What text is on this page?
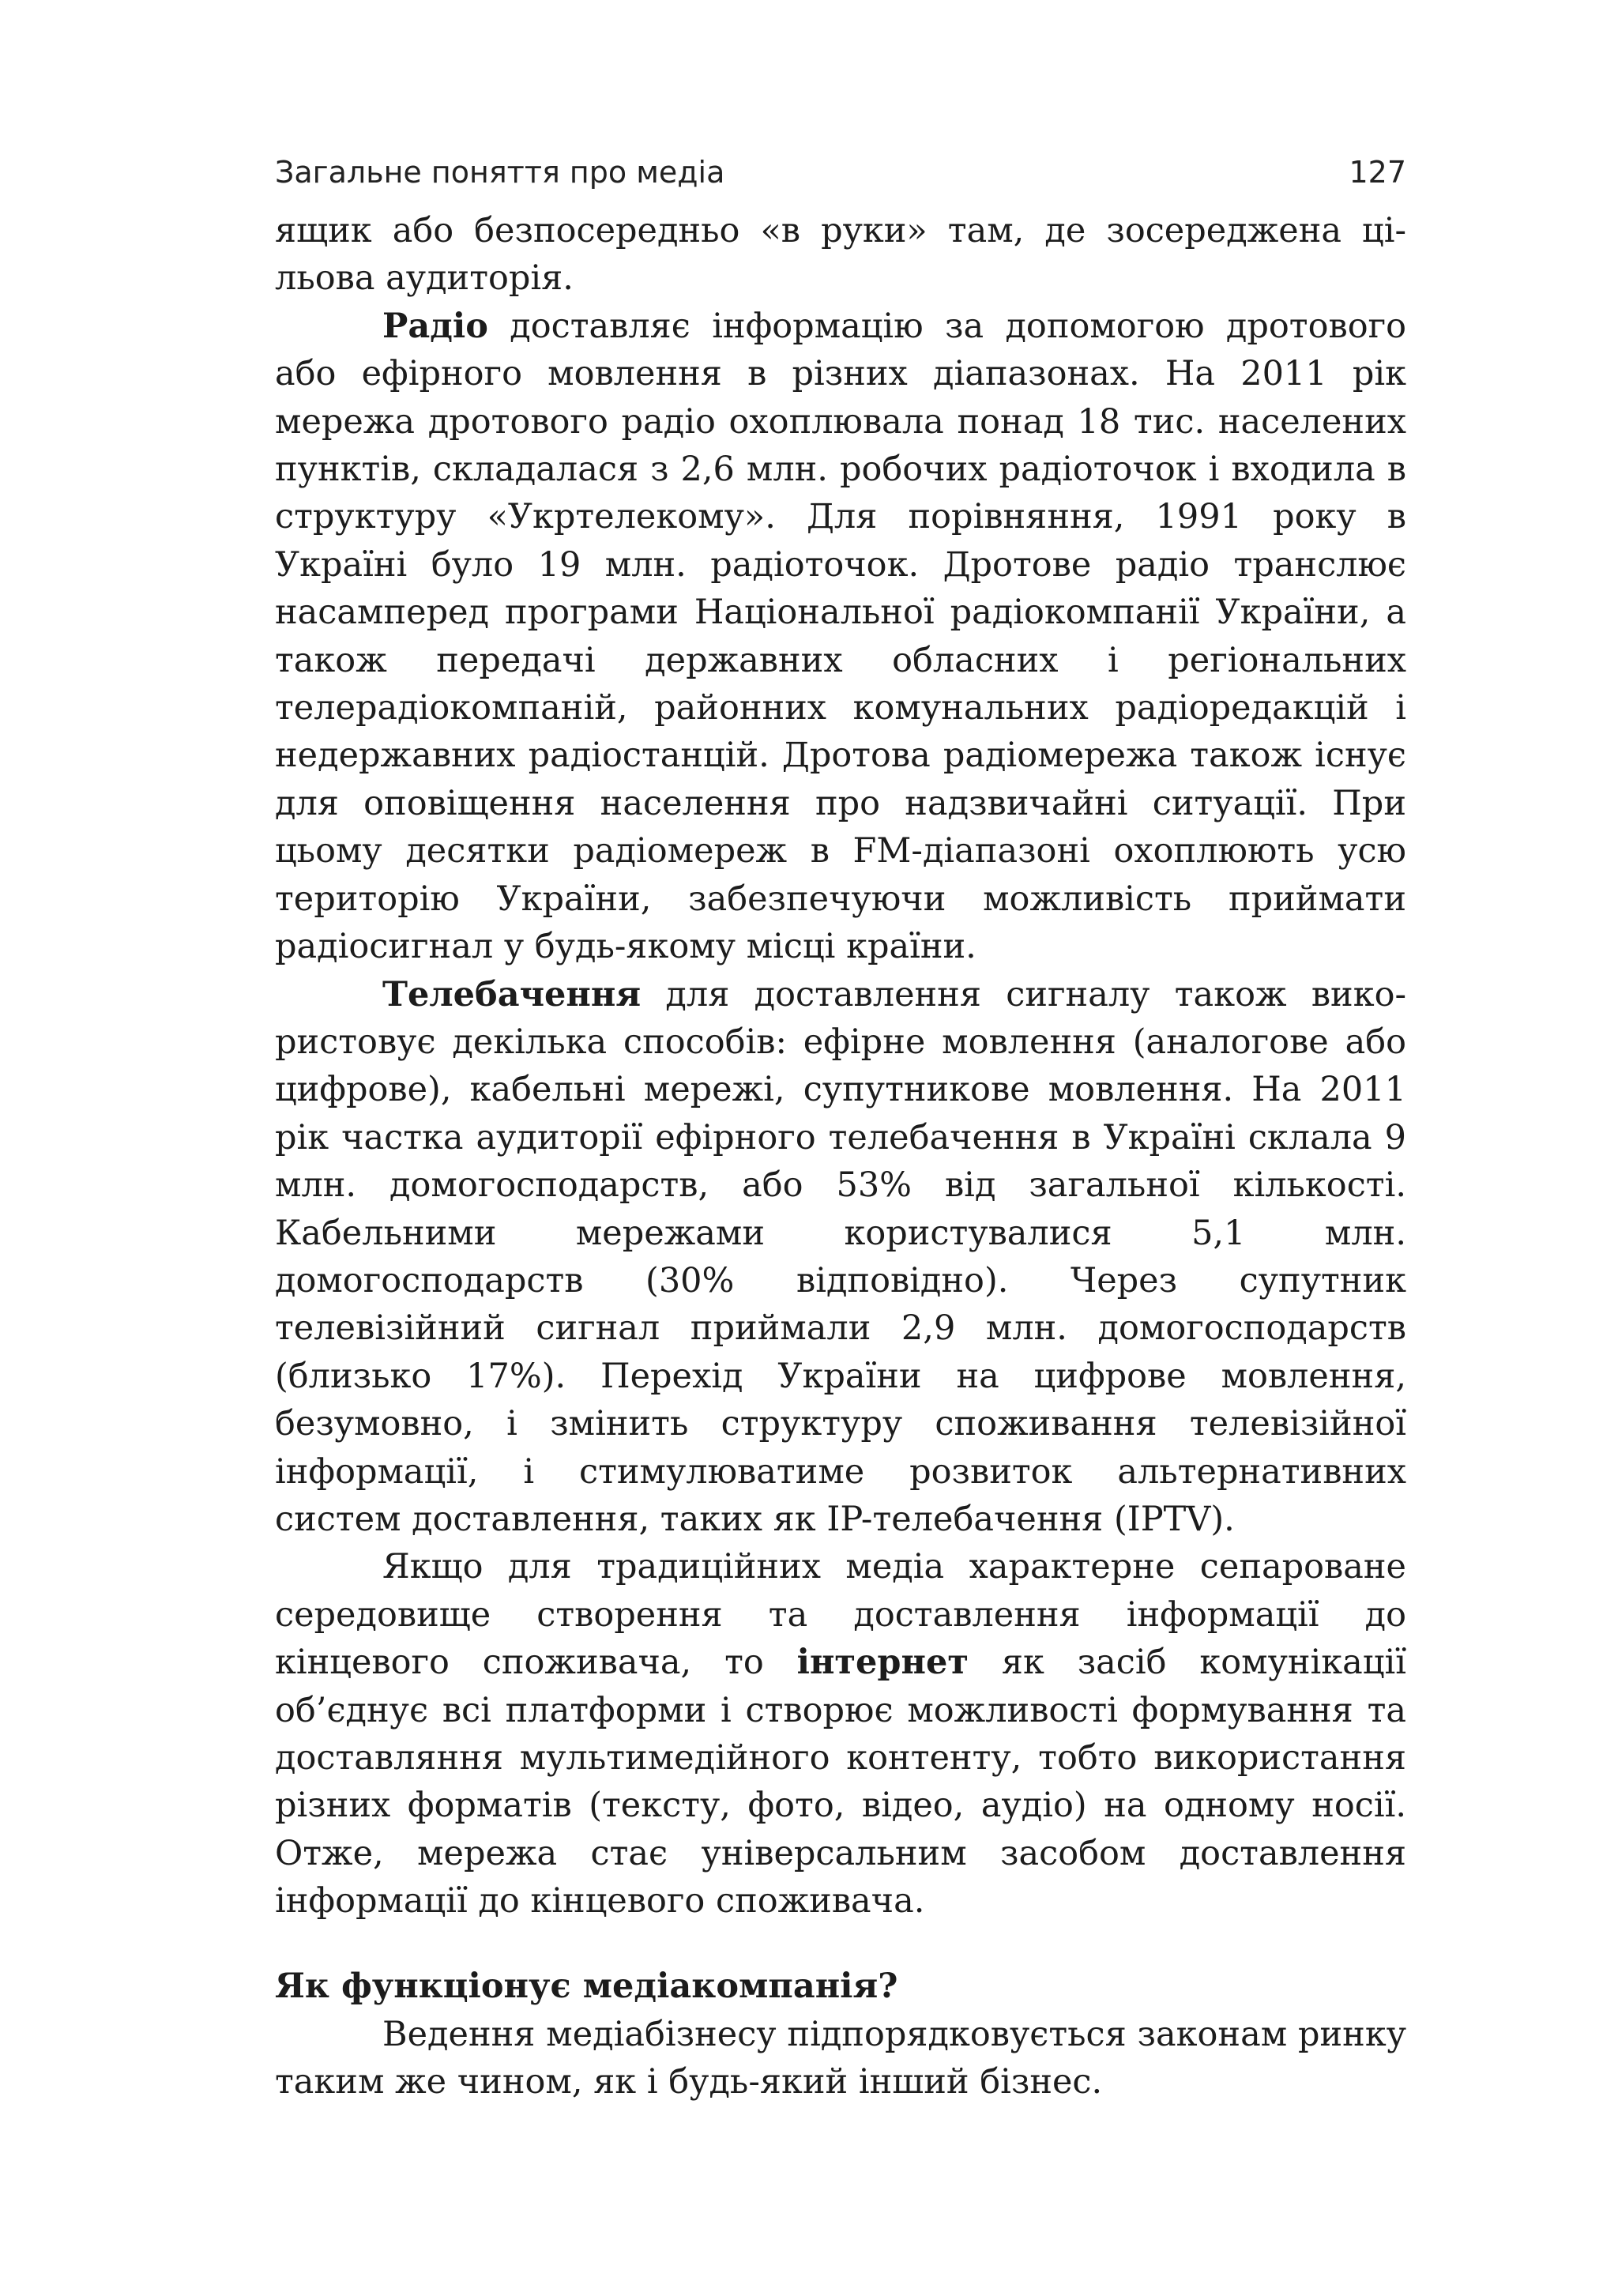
Загальне поняття про медіа	127

ящик або безпосередньо «в руки» там, де зосереджена цільова аудиторія.

Радіо доставляє інформацію за допомогою дротового або ефірного мовлення в різних діапазонах. На 2011 рік мережа дротового радіо охоплювала понад 18 тис. населених пунктів, складалася з 2,6 млн. робочих радіоточок і входила в структуру «Укртелекому». Для порівняння, 1991 року в Україні було 19 млн. радіоточок. Дротове радіо транслює насамперед програми Національної радіокомпанії України, а також передачі державних обласних і регіональних телерадіокомпаній, районних комунальних радіоредакцій і недержавних радіостанцій. Дротова радіомережа також існує для оповіщення населення про надзвичайні ситуації. При цьому десятки радіомереж в FM-діапазоні охоплюють усю територію України, забезпечуючи можливість приймати радіосигнал у будь-якому місці країни.

Телебачення для доставлення сигналу також використовує декілька способів: ефірне мовлення (аналогове або цифрове), кабельні мережі, супутникове мовлення. На 2011 рік частка аудиторії ефірного телебачення в Україні склала 9 млн. домогосподарств, або 53% від загальної кількості. Кабельними мережами користувалися 5,1 млн. домогосподарств (30% відповідно). Через супутник телевізійний сигнал приймали 2,9 млн. домогосподарств (близько 17%). Перехід України на цифрове мовлення, безумовно, і змінить структуру споживання телевізійної інформації, і стимулюватиме розвиток альтернативних систем доставлення, таких як IP-телебачення (IPTV).

Якщо для традиційних медіа характерне сепароване середовище створення та доставлення інформації до кінцевого споживача, то інтернет як засіб комунікації об’єднує всі платформи і створює можливості формування та доставляння мультимедійного контенту, тобто використання різних форматів (тексту, фото, відео, аудіо) на одному носії. Отже, мережа стає універсальним засобом доставлення інформації до кінцевого споживача.

Як функціонує медіакомпанія?

Ведення медіабізнесу підпорядковується законам ринку таким же чином, як і будь-який інший бізнес.
